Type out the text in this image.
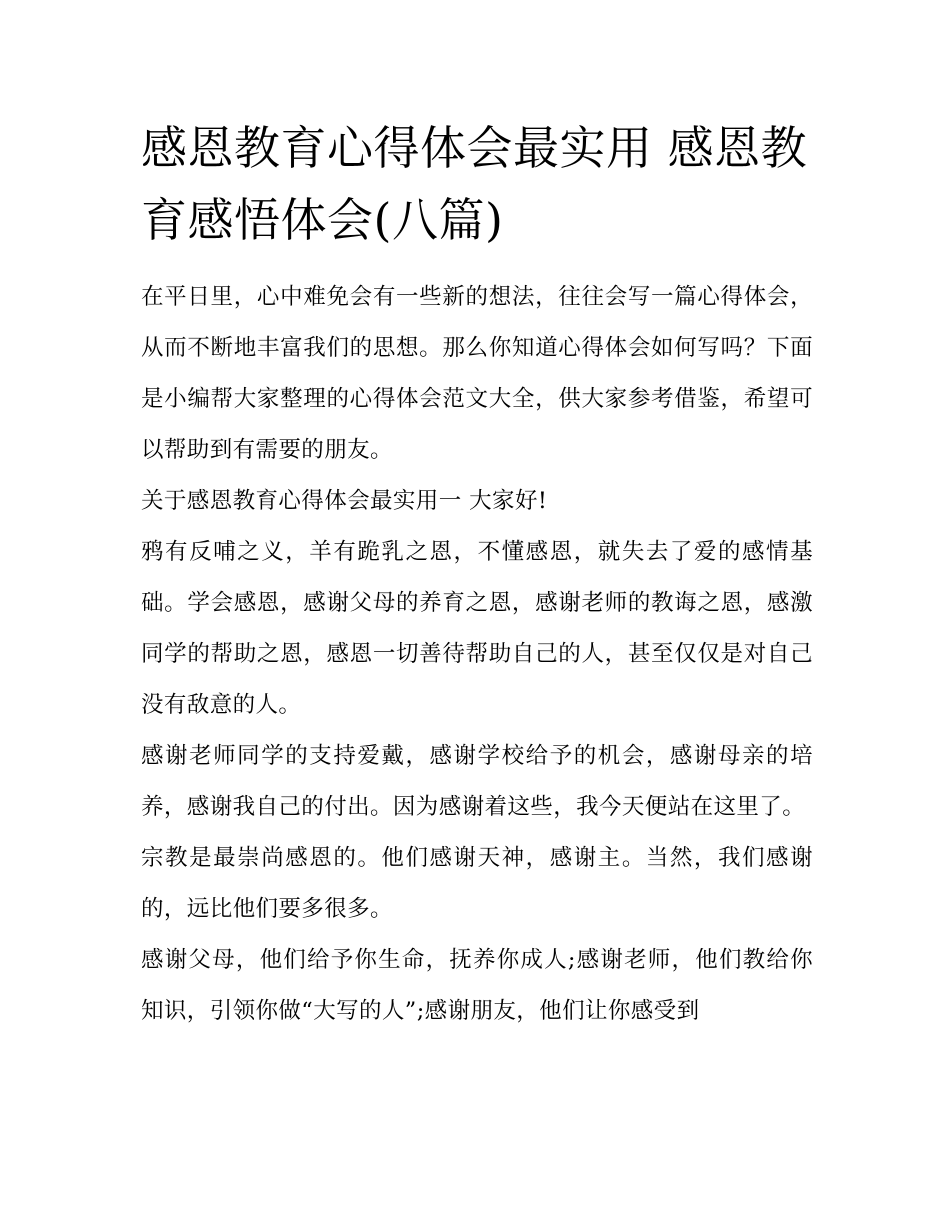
感恩教育心得体会最实用 感恩教育感悟体会(八篇)

在平日里，心中难免会有一些新的想法，往往会写一篇心得体会，从而不断地丰富我们的思想。那么你知道心得体会如何写吗？下面是小编帮大家整理的心得体会范文大全，供大家参考借鉴，希望可以帮助到有需要的朋友。

关于感恩教育心得体会最实用一 大家好!

鸦有反哺之义，羊有跪乳之恩，不懂感恩，就失去了爱的感情基础。学会感恩，感谢父母的养育之恩，感谢老师的教诲之恩，感激同学的帮助之恩，感恩一切善待帮助自己的人，甚至仅仅是对自己没有敌意的人。

感谢老师同学的支持爱戴，感谢学校给予的机会，感谢母亲的培养，感谢我自己的付出。因为感谢着这些，我今天便站在这里了。

宗教是最崇尚感恩的。他们感谢天神，感谢主。当然，我们感谢的，远比他们要多很多。

感谢父母，他们给予你生命，抚养你成人;感谢老师，他们教给你知识，引领你做“大写的人”;感谢朋友，他们让你感受到
